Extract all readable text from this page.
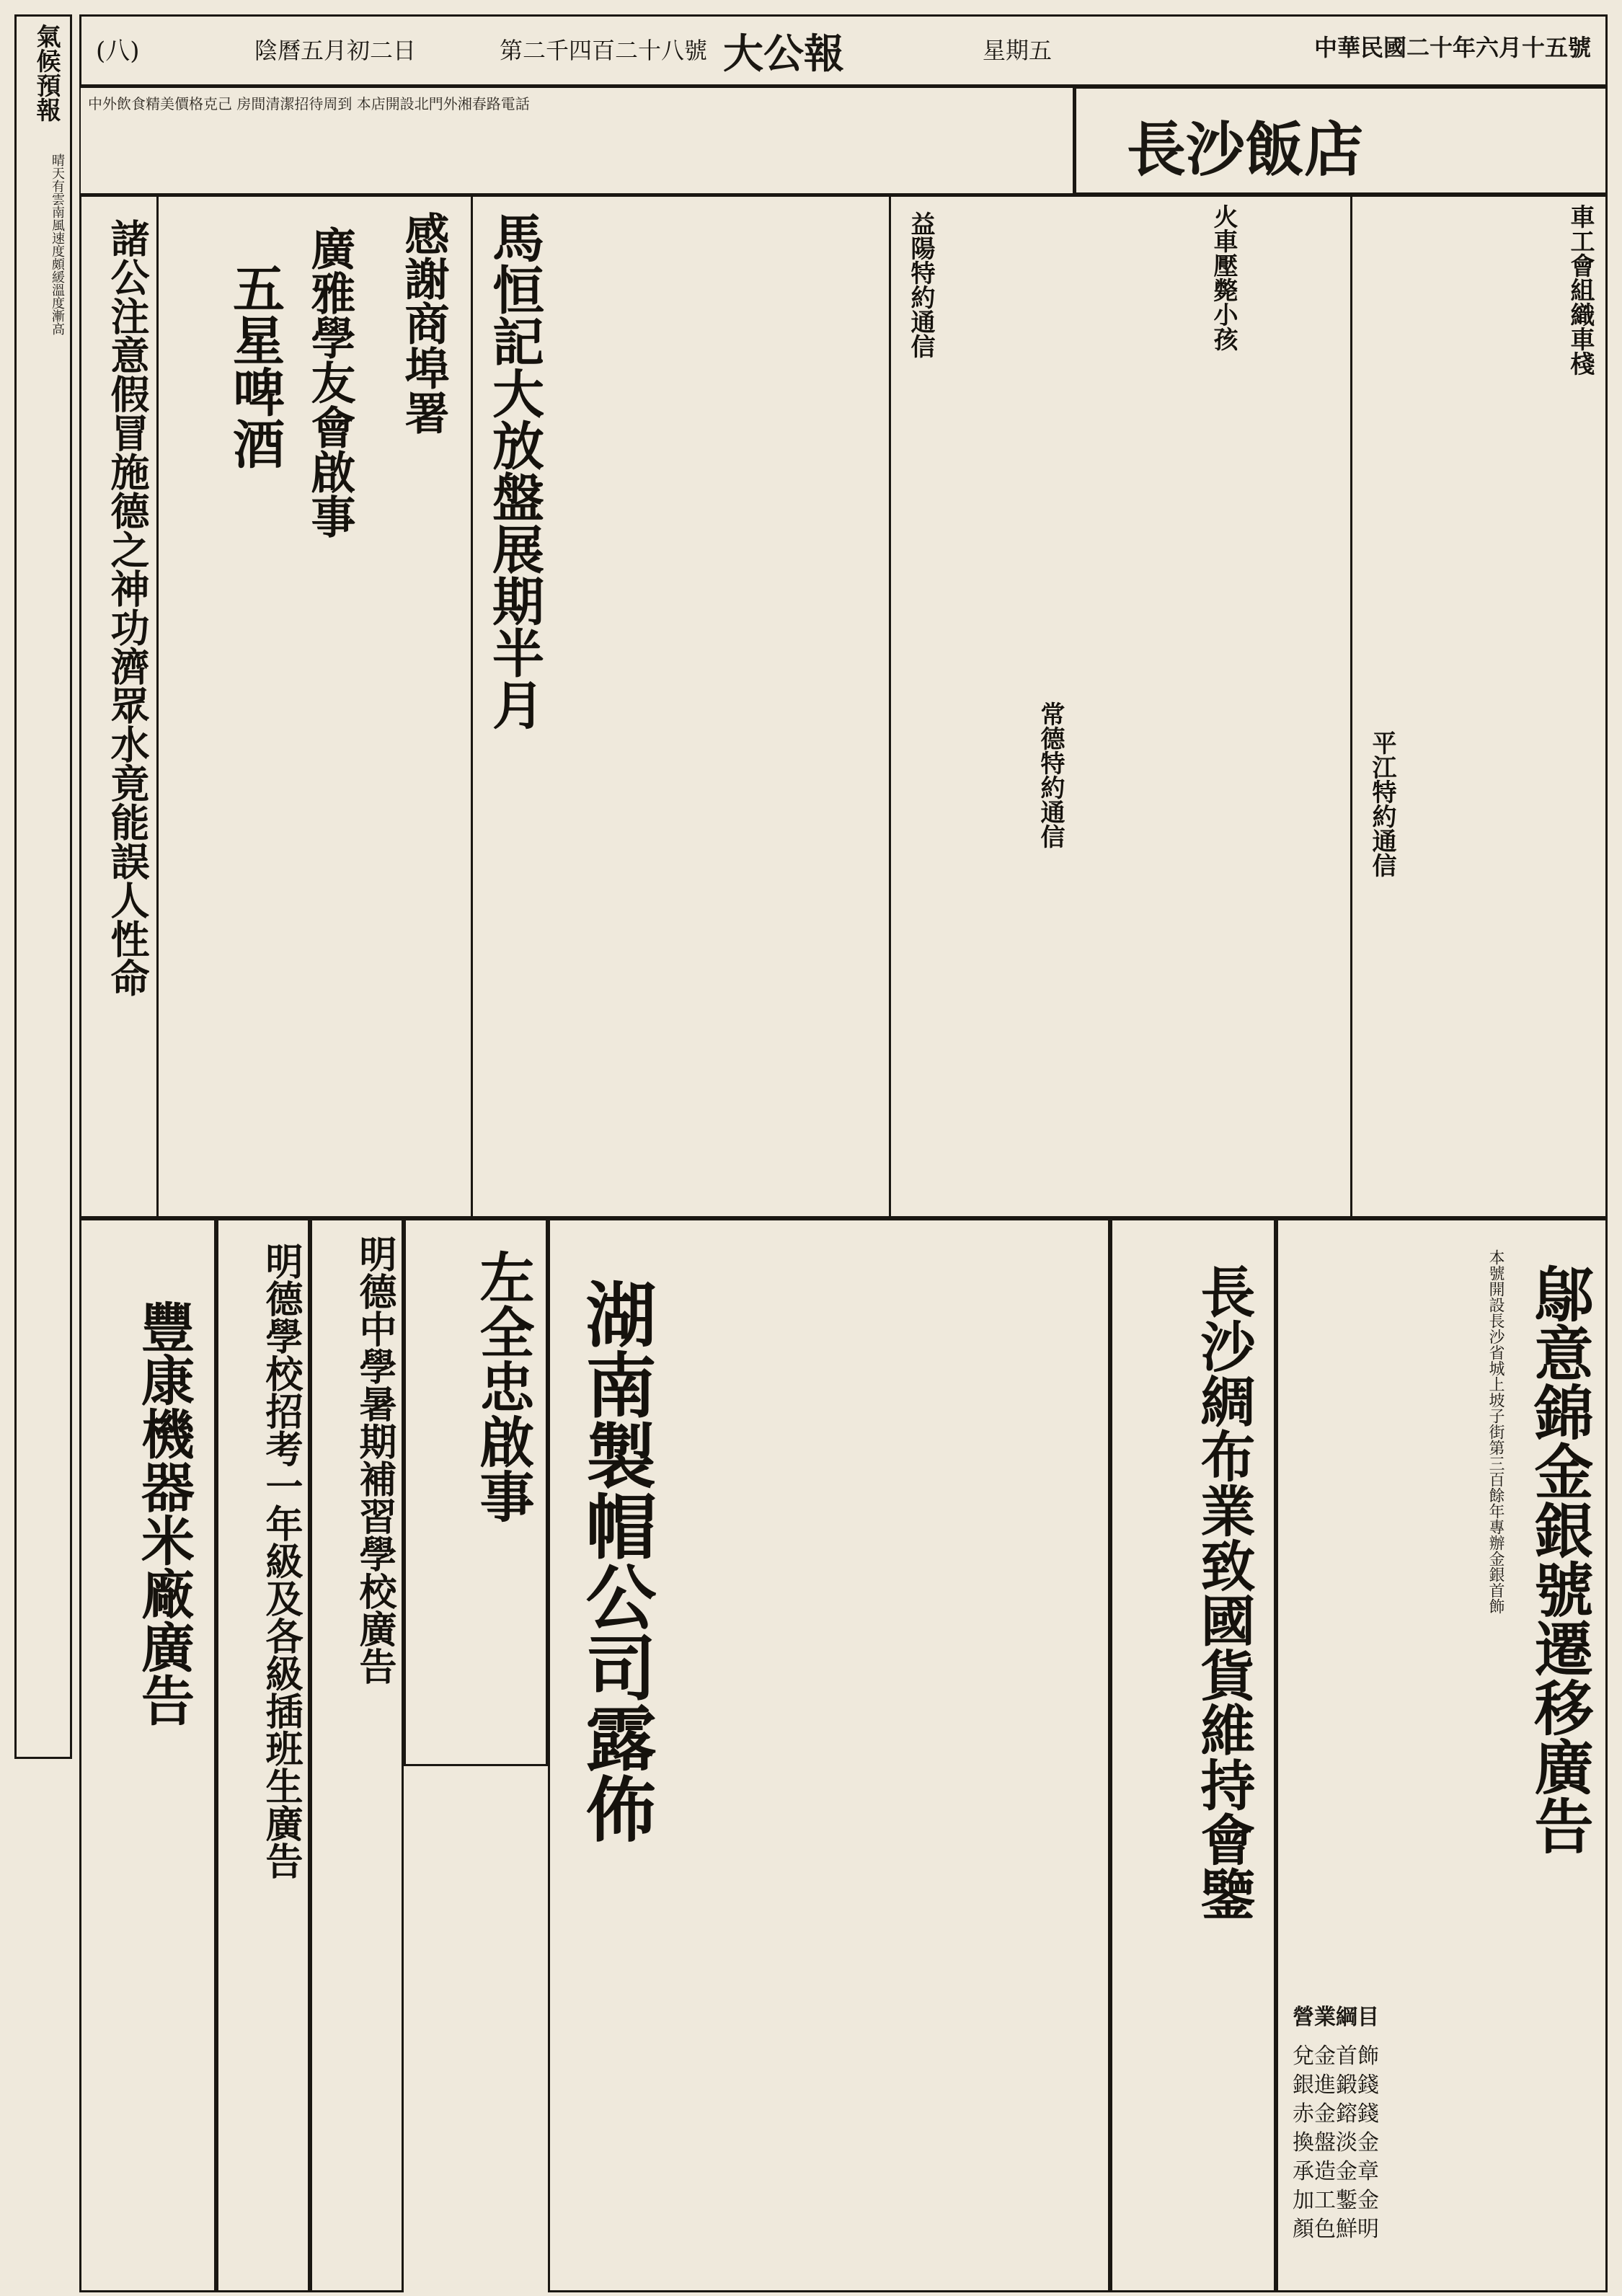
氣候預報
晴天有雲南風速度頗緩溫度漸高
中華民國二十年六月十五號
大公報
第二千四百二十八號	星期五
陰曆五月初二日
(八)
長沙飯店
中外飲食精美價格克己 房間清潔招待周到 本店開設北門外湘春路電話
車工會組織車棧
火車壓斃小孩
益陽特約通信
常德特約通信	平江特約通信
馬恒記大放盤展期半月
感謝商埠署
廣雅學友會啟事
五星啤酒
諸公注意假冒施德之神功濟眾水竟能誤人性命
鄔意錦金銀號遷移廣告
本號開設長沙省城上坡子街第三百餘年專辦金銀首飾
營業綱目
兌金首飾
銀進鍛錢
赤金鎔錢
換盤淡金
承造金章
加工鏨金
顏色鮮明
長沙綢布業致國貨維持會鑒
湖南製帽公司露佈
左全忠啟事
明德中學暑期補習學校廣告
明德學校招考一年級及各級插班生廣告
豐康機器米廠廣告
